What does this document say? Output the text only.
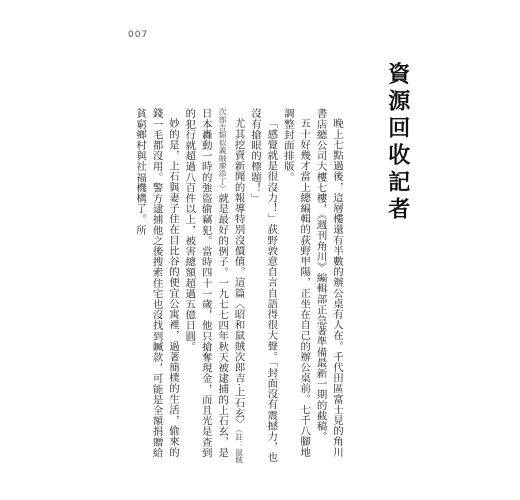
007
資源回收記者

晚上七點過後，這層樓還有半數的辦公桌有人在。千代田區富士見的角川書店總公司大樓七樓，《週刊角川》編輯部正急著準備最新一期的截稿。

五十好幾才當上總編輯的荻野甲陽，正坐在自己的辦公桌前。七千八腳地調整封面排版。

「感覺就是很沒力！」荻野敦意自言自語得很大聲。「封面沒有震撼力，也沒有搶眼的標題！」

尤其挖賣新聞的報導特別沒價值。這篇〈昭和鼠賊次郎吉‧上石玄〉（註：鼠賊次郎吉類似義賊廖添丁）就是最好的例子。一九七七四年秋天被逮捕的上石玄，是日本轟動一時的強盜偷竊犯。當時四十一歲，他只搶奪現金，而且光是查到的犯行就超過八百件以上，被害總額超過五億日圓。

妙的是，上石與妻子住在目比谷的便宜公寓裡，過著簡樸的生活，偷來的錢一毛都沒用。警方逮捕他之後搜索住宅也沒找到贓款，可能是全額捐贈給貧窮鄉村與社福機構了。所
